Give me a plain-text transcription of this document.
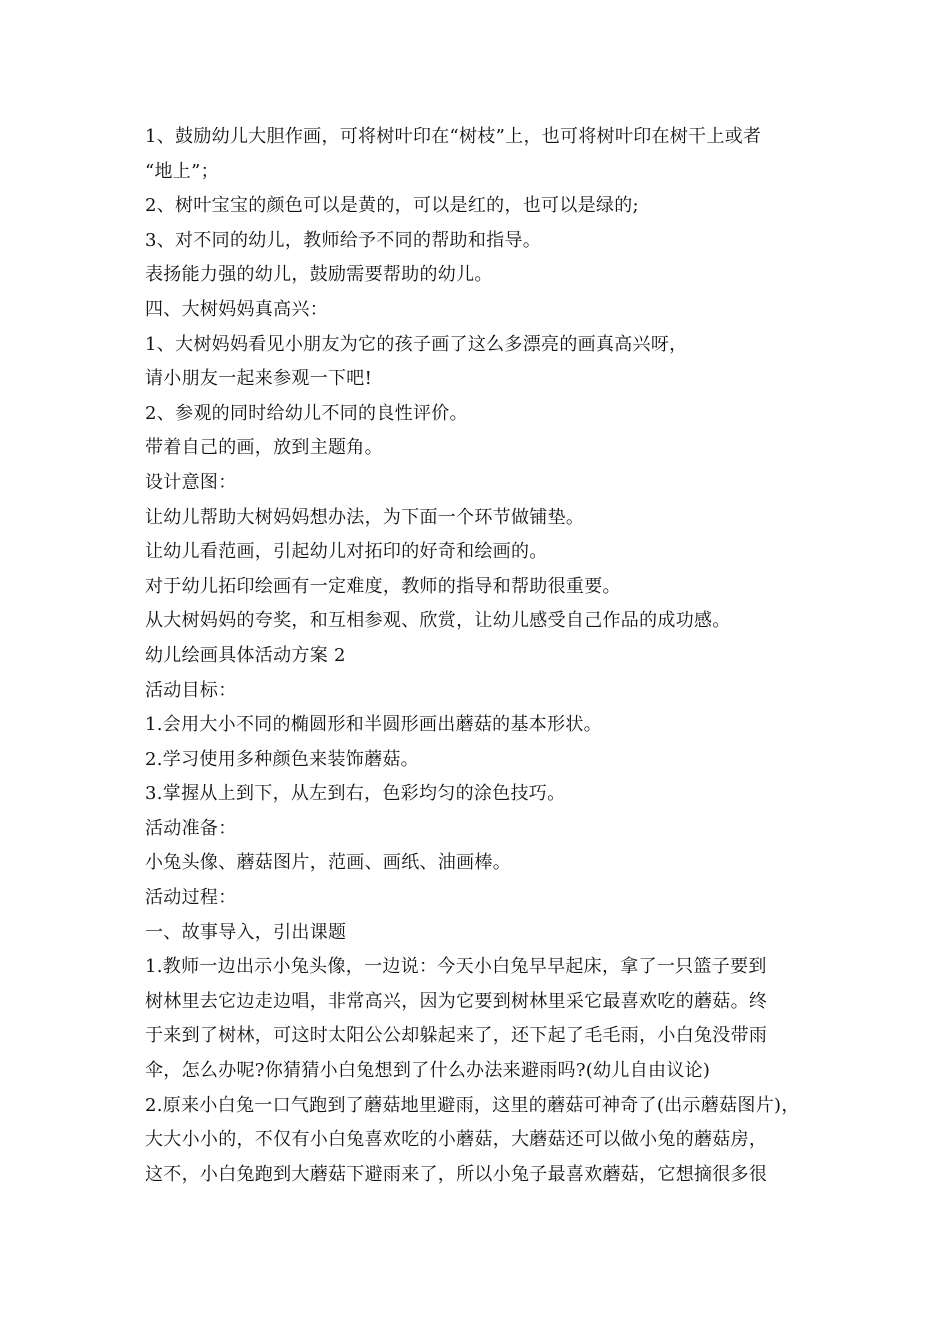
1、鼓励幼儿大胆作画，可将树叶印在“树枝”上，也可将树叶印在树干上或者
“地上”；
2、树叶宝宝的颜色可以是黄的，可以是红的，也可以是绿的;
3、对不同的幼儿，教师给予不同的帮助和指导。
表扬能力强的幼儿，鼓励需要帮助的幼儿。
四、大树妈妈真高兴：
1、大树妈妈看见小朋友为它的孩子画了这么多漂亮的画真高兴呀，
请小朋友一起来参观一下吧!
2、参观的同时给幼儿不同的良性评价。
带着自己的画，放到主题角。
设计意图：
让幼儿帮助大树妈妈想办法，为下面一个环节做铺垫。
让幼儿看范画，引起幼儿对拓印的好奇和绘画的。
对于幼儿拓印绘画有一定难度，教师的指导和帮助很重要。
从大树妈妈的夸奖，和互相参观、欣赏，让幼儿感受自己作品的成功感。
幼儿绘画具体活动方案 2
活动目标：
1.会用大小不同的椭圆形和半圆形画出蘑菇的基本形状。
2.学习使用多种颜色来装饰蘑菇。
3.掌握从上到下，从左到右，色彩均匀的涂色技巧。
活动准备：
小兔头像、蘑菇图片，范画、画纸、油画棒。
活动过程：
一、故事导入，引出课题
1.教师一边出示小兔头像，一边说：今天小白兔早早起床，拿了一只篮子要到
树林里去它边走边唱，非常高兴，因为它要到树林里采它最喜欢吃的蘑菇。终
于来到了树林，可这时太阳公公却躲起来了，还下起了毛毛雨，小白兔没带雨
伞，怎么办呢?你猜猜小白兔想到了什么办法来避雨吗?(幼儿自由议论)
2.原来小白兔一口气跑到了蘑菇地里避雨，这里的蘑菇可神奇了(出示蘑菇图片)，
大大小小的，不仅有小白兔喜欢吃的小蘑菇，大蘑菇还可以做小兔的蘑菇房，
这不，小白兔跑到大蘑菇下避雨来了，所以小兔子最喜欢蘑菇，它想摘很多很
